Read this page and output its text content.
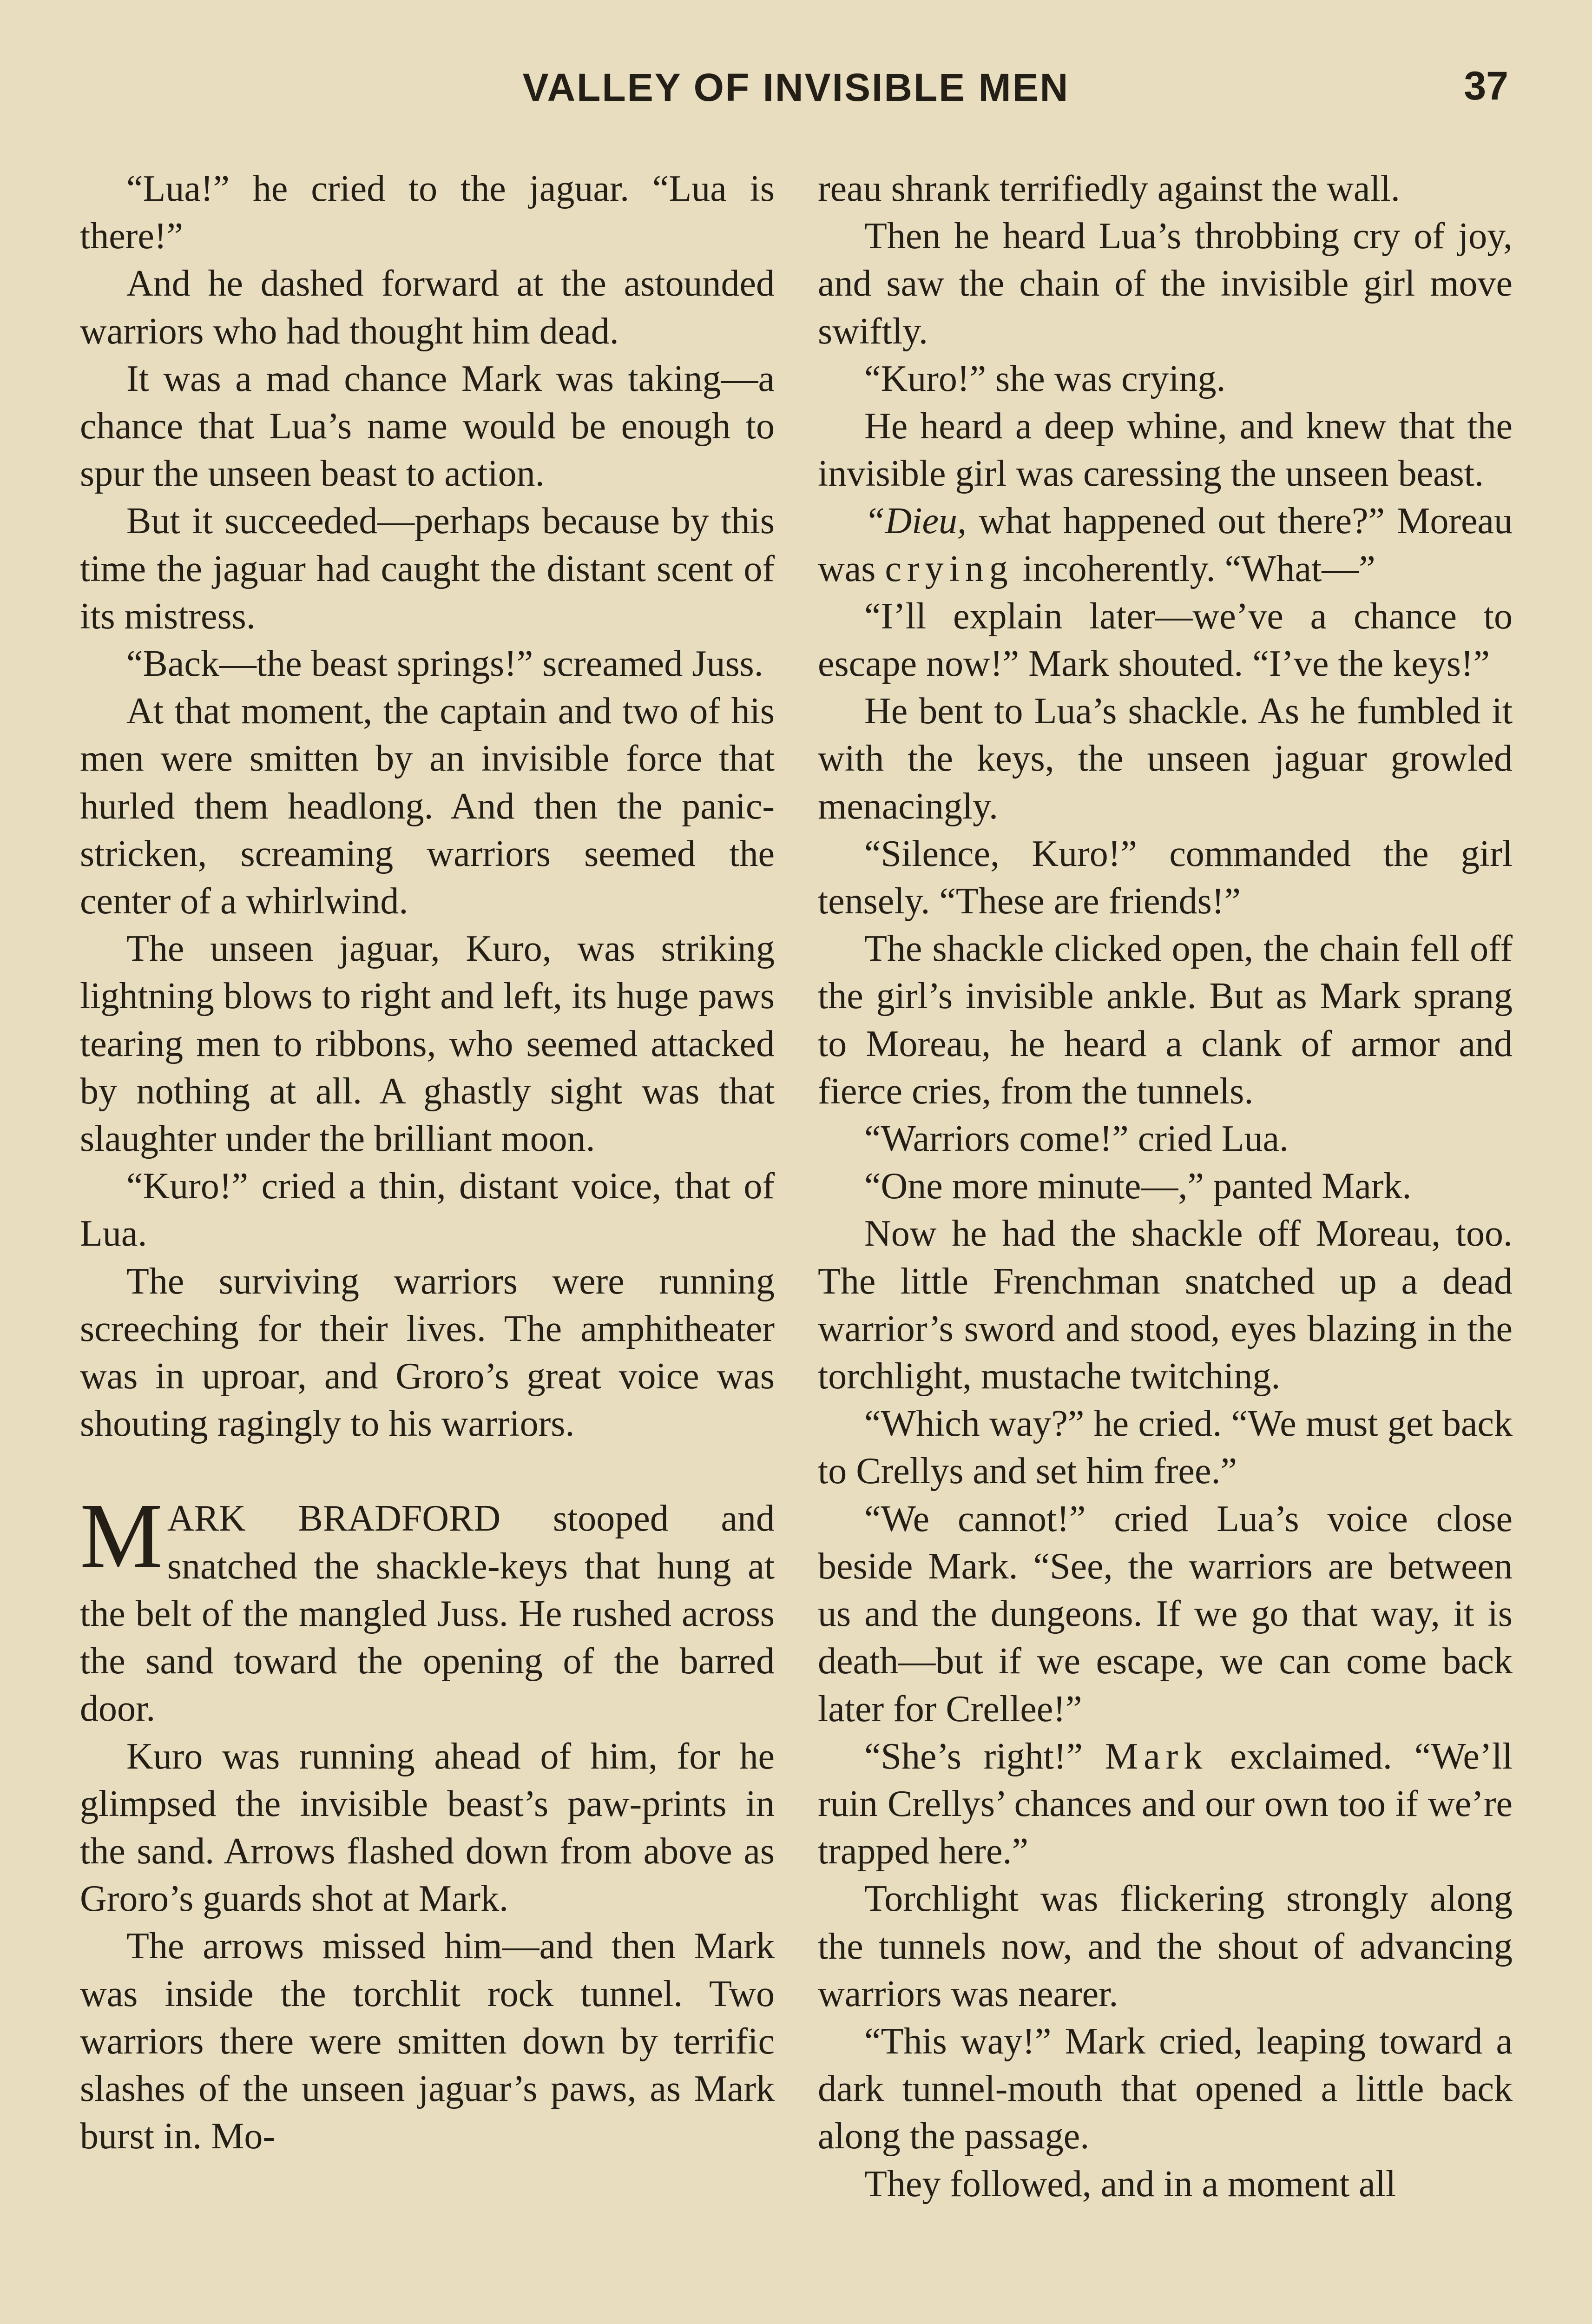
VALLEY OF INVISIBLE MEN	37

“Lua!” he cried to the jaguar. “Lua is there!”

And he dashed forward at the astounded warriors who had thought him dead.

It was a mad chance Mark was taking—a chance that Lua’s name would be enough to spur the unseen beast to action.

But it succeeded—perhaps because by this time the jaguar had caught the distant scent of its mistress.

“Back—the beast springs!” screamed Juss.

At that moment, the captain and two of his men were smitten by an invisible force that hurled them headlong. And then the panic-stricken, screaming warriors seemed the center of a whirlwind.

The unseen jaguar, Kuro, was striking lightning blows to right and left, its huge paws tearing men to ribbons, who seemed attacked by nothing at all. A ghastly sight was that slaughter under the brilliant moon.

“Kuro!” cried a thin, distant voice, that of Lua.

The surviving warriors were running screeching for their lives. The amphitheater was in uproar, and Groro’s great voice was shouting ragingly to his warriors.

MARK BRADFORD stooped and snatched the shackle-keys that hung at the belt of the mangled Juss. He rushed across the sand toward the opening of the barred door.

Kuro was running ahead of him, for he glimpsed the invisible beast’s paw-prints in the sand. Arrows flashed down from above as Groro’s guards shot at Mark.

The arrows missed him—and then Mark was inside the torchlit rock tunnel. Two warriors there were smitten down by terrific slashes of the unseen jaguar’s paws, as Mark burst in. Mo-

reau shrank terrifiedly against the wall.

Then he heard Lua’s throbbing cry of joy, and saw the chain of the invisible girl move swiftly.

“Kuro!” she was crying.

He heard a deep whine, and knew that the invisible girl was caressing the unseen beast.

“Dieu, what happened out there?” Moreau was crying incoherently. “What—”

“I’ll explain later—we’ve a chance to escape now!” Mark shouted. “I’ve the keys!”

He bent to Lua’s shackle. As he fumbled it with the keys, the unseen jaguar growled menacingly.

“Silence, Kuro!” commanded the girl tensely. “These are friends!”

The shackle clicked open, the chain fell off the girl’s invisible ankle. But as Mark sprang to Moreau, he heard a clank of armor and fierce cries, from the tunnels.

“Warriors come!” cried Lua.

“One more minute—,” panted Mark.

Now he had the shackle off Moreau, too. The little Frenchman snatched up a dead warrior’s sword and stood, eyes blazing in the torchlight, mustache twitching.

“Which way?” he cried. “We must get back to Crellys and set him free.”

“We cannot!” cried Lua’s voice close beside Mark. “See, the warriors are between us and the dungeons. If we go that way, it is death—but if we escape, we can come back later for Crellee!”

“She’s right!” Mark exclaimed. “We’ll ruin Crellys’ chances and our own too if we’re trapped here.”

Torchlight was flickering strongly along the tunnels now, and the shout of advancing warriors was nearer.

“This way!” Mark cried, leaping toward a dark tunnel-mouth that opened a little back along the passage.

They followed, and in a moment all
